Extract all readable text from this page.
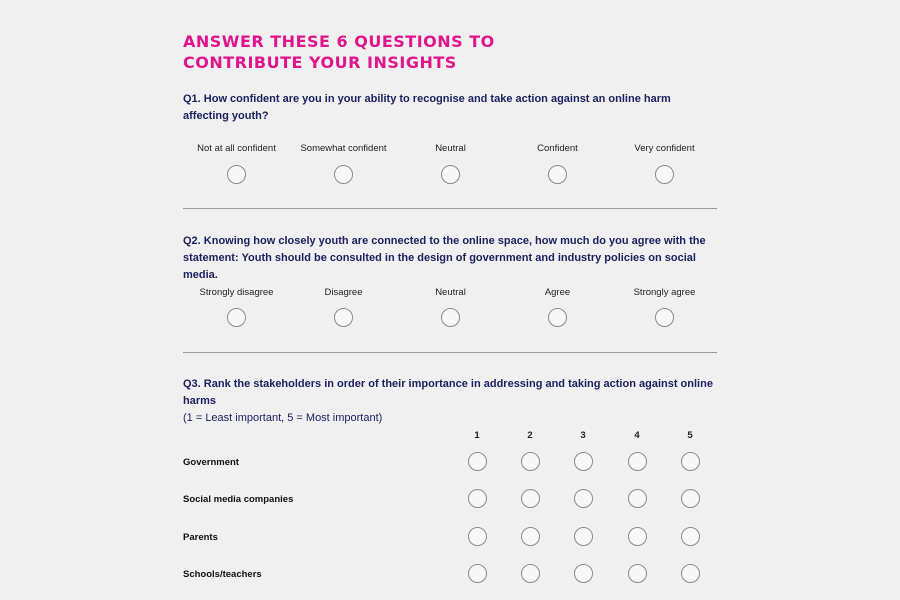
ANSWER THESE 6 QUESTIONS TO
CONTRIBUTE YOUR INSIGHTS
Q1. How confident are you in your ability to recognise and take action against an online harm affecting youth?
Not at all confident	Somewhat confident	Neutral	Confident	Very confident
Q2. Knowing how closely youth are connected to the online space, how much do you agree with the statement: Youth should be consulted in the design of government and industry policies on social media.
Strongly disagree	Disagree	Neutral	Agree	Strongly agree
Q3. Rank the stakeholders in order of their importance in addressing and taking action against online harms
(1 = Least important, 5 = Most important)
1	2	3	4	5
Government
Social media companies
Parents
Schools/teachers
